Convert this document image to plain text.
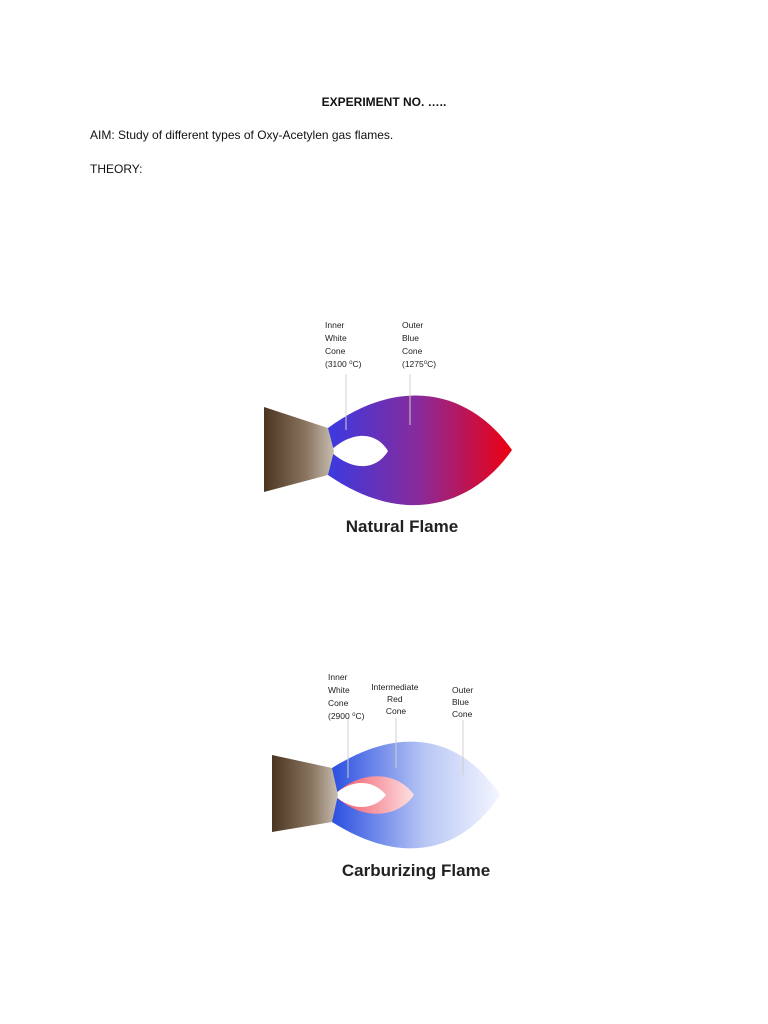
EXPERIMENT NO. …..
AIM: Study of different types of Oxy-Acetylen gas flames.
THEORY:
Inner White Cone (3100 ⁰C)
Outer Blue Cone (1275⁰C)
Natural Flame
Inner White Cone (2900 ⁰C)
Intermediate Red Cone
Outer Blue Cone
Carburizing Flame
